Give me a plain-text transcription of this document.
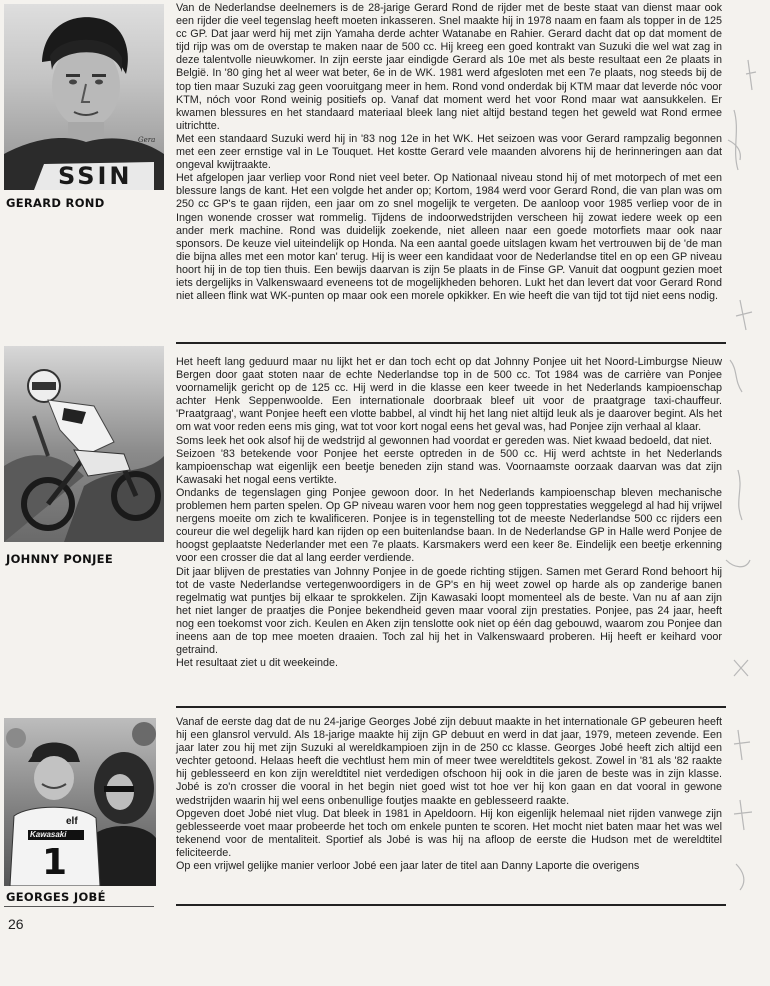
SSIN
Gera
GERARD ROND

Van de Nederlandse deelnemers is de 28-jarige Gerard Rond de rijder met de beste staat van dienst maar ook een rijder die veel tegenslag heeft moeten inkasseren. Snel maakte hij in 1978 naam en faam als topper in de 125 cc GP. Dat jaar werd hij met zijn Yamaha derde achter Watanabe en Rahier. Gerard dacht dat op dat moment de tijd rijp was om de overstap te maken naar de 500 cc. Hij kreeg een goed kontrakt van Suzuki die wel wat zag in deze talentvolle nieuwkomer. In zijn eerste jaar eindigde Gerard als 10e met als beste resultaat een 2e plaats in België. In '80 ging het al weer wat beter, 6e in de WK. 1981 werd afgesloten met een 7e plaats, nog steeds bij de top tien maar Suzuki zag geen vooruitgang meer in hem. Rond vond onderdak bij KTM maar dat leverde nóc voor KTM, nóch voor Rond weinig positiefs op. Vanaf dat moment werd het voor Rond maar wat aansukkelen. Er kwamen blessures en het standaard materiaal bleek lang niet altijd bestand tegen het geweld wat Rond ermee uitrichtte.

Met een standaard Suzuki werd hij in '83 nog 12e in het WK. Het seizoen was voor Gerard rampzalig begonnen met een zeer ernstige val in Le Touquet. Het kostte Gerard vele maanden alvorens hij de herinneringen aan dat ongeval kwijtraakte.

Het afgelopen jaar verliep voor Rond niet veel beter. Op Nationaal niveau stond hij of met motorpech of met een blessure langs de kant. Het een volgde het ander op; Kortom, 1984 werd voor Gerard Rond, die van plan was om 250 cc GP's te gaan rijden, een jaar om zo snel mogelijk te vergeten. De aanloop voor 1985 verliep voor de in Ingen wonende crosser wat rommelig. Tijdens de indoorwedstrijden verscheen hij zowat iedere week op een ander merk machine. Rond was duidelijk zoekende, niet alleen naar een goede motorfiets maar ook naar sponsors. De keuze viel uiteindelijk op Honda. Na een aantal goede uitslagen kwam het vertrouwen bij de 'de man die bijna alles met een motor kan' terug. Hij is weer een kandidaat voor de Nederlandse titel en op een GP niveau hoort hij in de top tien thuis. Een bewijs daarvan is zijn 5e plaats in de Finse GP. Vanuit dat oogpunt gezien moet iets dergelijks in Valkenswaard eveneens tot de mogelijkheden behoren. Lukt het dan levert dat voor Gerard Rond niet alleen flink wat WK-punten op maar ook een morele opkikker. En wie heeft die van tijd tot tijd niet eens nodig.

JOHNNY PONJEE

Het heeft lang geduurd maar nu lijkt het er dan toch echt op dat Johnny Ponjee uit het Noord-Limburgse Nieuw Bergen door gaat stoten naar de echte Nederlandse top in de 500 cc. Tot 1984 was de carrière van Ponjee voornamelijk gericht op de 125 cc. Hij werd in die klasse een keer tweede in het Nederlands kampioenschap achter Henk Seppenwoolde. Een internationale doorbraak bleef uit voor de praatgrage taxi-chauffeur. 'Praatgraag', want Ponjee heeft een vlotte babbel, al vindt hij het lang niet altijd leuk als je daarover begint. Als het om wat voor reden eens mis ging, wat tot voor kort nogal eens het geval was, had Ponjee zijn verhaal al klaar.

Soms leek het ook alsof hij de wedstrijd al gewonnen had voordat er gereden was. Niet kwaad bedoeld, dat niet.

Seizoen '83 betekende voor Ponjee het eerste optreden in de 500 cc. Hij werd achtste in het Nederlands kampioenschap wat eigenlijk een beetje beneden zijn stand was. Voornaamste oorzaak daarvan was dat zijn Kawasaki het nogal eens vertikte.

Ondanks de tegenslagen ging Ponjee gewoon door. In het Nederlands kampioenschap bleven mechanische problemen hem parten spelen. Op GP niveau waren voor hem nog geen topprestaties weggelegd al had hij vrijwel nergens moeite om zich te kwalificeren. Ponjee is in tegenstelling tot de meeste Nederlandse 500 cc rijders een coureur die wel degelijk hard kan rijden op een buitenlandse baan. In de Nederlandse GP in Halle werd Ponjee de hoogst geplaatste Nederlander met een 7e plaats. Karsmakers werd een keer 8e. Eindelijk een beetje erkenning voor een crosser die dat al lang eerder verdiende.

Dit jaar blijven de prestaties van Johnny Ponjee in de goede richting stijgen. Samen met Gerard Rond behoort hij tot de vaste Nederlandse vertegenwoordigers in de GP's en hij weet zowel op harde als op zanderige banen regelmatig wat puntjes bij elkaar te sprokkelen. Zijn Kawasaki loopt momenteel als de beste. Van nu af aan zijn het niet langer de praatjes die Ponjee bekendheid geven maar vooral zijn prestaties. Ponjee, pas 24 jaar, heeft nog een toekomst voor zich. Keulen en Aken zijn tenslotte ook niet op één dag gebouwd, waarom zou Ponjee dan ineens aan de top mee moeten draaien. Toch zal hij het in Valkenswaard proberen. Hij heeft er keihard voor getraind.

Het resultaat ziet u dit weekeinde.

Kawasaki
elf
1
GEORGES JOBÉ

Vanaf de eerste dag dat de nu 24-jarige Georges Jobé zijn debuut maakte in het internationale GP gebeuren heeft hij een glansrol vervuld. Als 18-jarige maakte hij zijn GP debuut en werd in dat jaar, 1979, meteen zevende. Een jaar later zou hij met zijn Suzuki al wereldkampioen zijn in de 250 cc klasse. Georges Jobé heeft zich altijd een vechter getoond. Helaas heeft die vechtlust hem min of meer twee wereldtitels gekost. Zowel in '81 als '82 raakte hij geblesseerd en kon zijn wereldtitel niet verdedigen ofschoon hij ook in die jaren de beste was in zijn klasse. Jobé is zo'n crosser die vooral in het begin niet goed wist tot hoe ver hij kon gaan en dat vooral in gewone wedstrijden waarin hij wel eens onbenullige foutjes maakte en geblesseerd raakte.

Opgeven doet Jobé niet vlug. Dat bleek in 1981 in Apeldoorn. Hij kon eigenlijk helemaal niet rijden vanwege zijn geblesseerde voet maar probeerde het toch om enkele punten te scoren. Het mocht niet baten maar het was wel tekenend voor de mentaliteit. Sportief als Jobé is was hij na afloop de eerste die Hudson met de wereldtitel feliciteerde.

Op een vrijwel gelijke manier verloor Jobé een jaar later de titel aan Danny Laporte die overigens

26
